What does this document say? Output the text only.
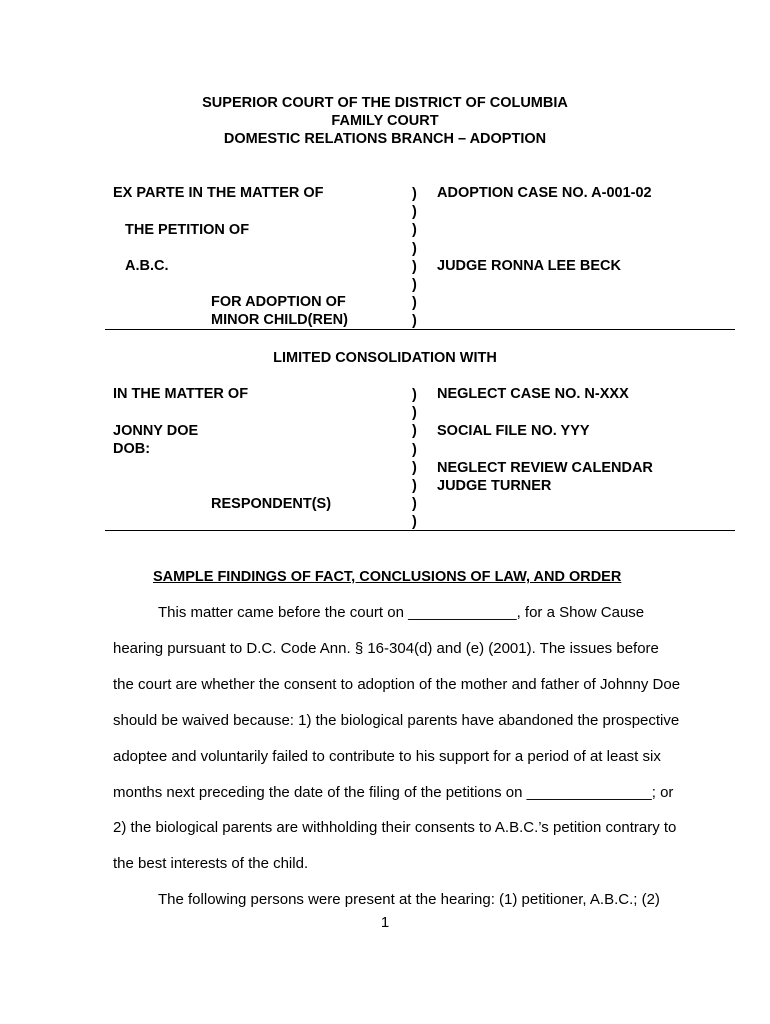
SUPERIOR COURT OF THE DISTRICT OF COLUMBIA
FAMILY COURT
DOMESTIC RELATIONS BRANCH – ADOPTION
EX PARTE IN THE MATTER OF
THE PETITION OF
A.B.C.
FOR ADOPTION OF
MINOR CHILD(REN)
)
)
)
)
)
)
)
)
ADOPTION CASE NO. A-001-02
JUDGE RONNA LEE BECK
LIMITED CONSOLIDATION WITH
IN THE MATTER OF
JONNY DOE
DOB:
RESPONDENT(S)
)
)
)
)
)
)
)
)
NEGLECT CASE NO. N-XXX
SOCIAL FILE NO. YYY
NEGLECT REVIEW CALENDAR
JUDGE TURNER
SAMPLE FINDINGS OF FACT, CONCLUSIONS OF LAW, AND ORDER
This matter came before the court on _____________, for a Show Cause
hearing pursuant to D.C. Code Ann. § 16-304(d) and (e) (2001). The issues before
the court are whether the consent to adoption of the mother and father of Johnny Doe
should be waived because: 1) the biological parents have abandoned the prospective
adoptee and voluntarily failed to contribute to his support for a period of at least six
months next preceding the date of the filing of the petitions on _______________; or
2) the biological parents are withholding their consents to A.B.C.’s petition contrary to
the best interests of the child.
The following persons were present at the hearing: (1) petitioner, A.B.C.; (2)
1
